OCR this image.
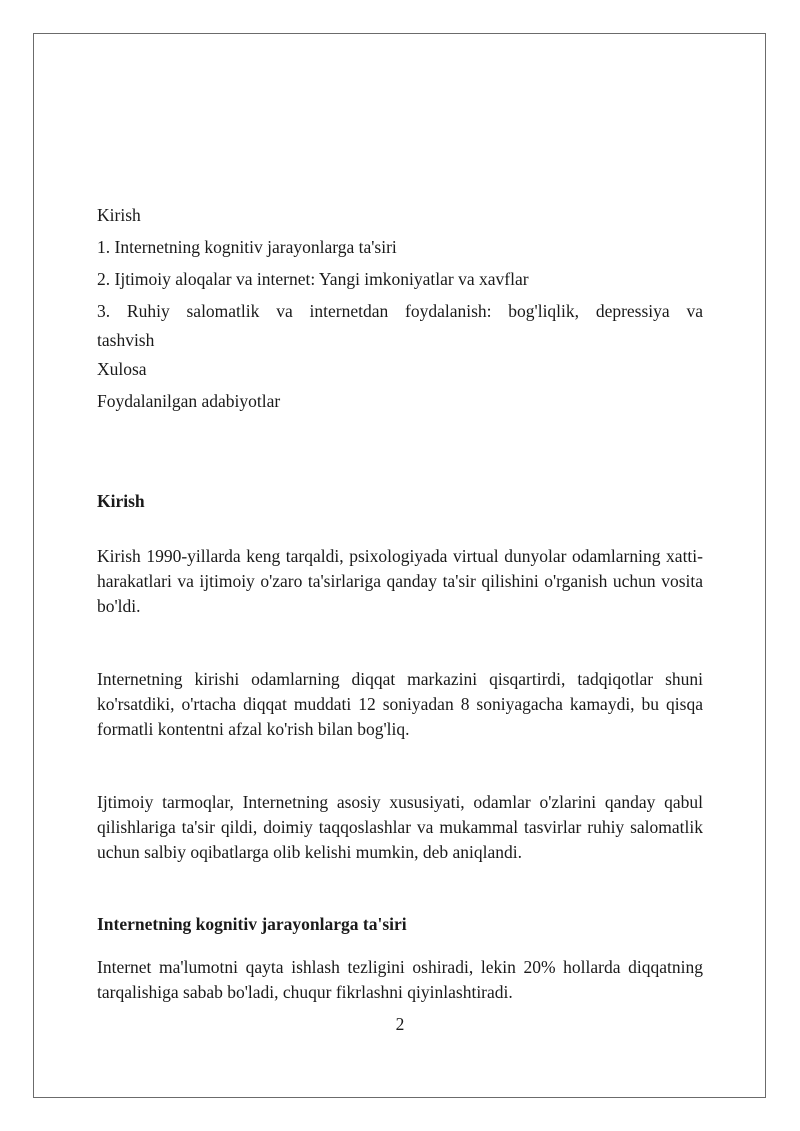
Kirish

1. Internetning kognitiv jarayonlarga ta'siri

2. Ijtimoiy aloqalar va internet: Yangi imkoniyatlar va xavflar

3. Ruhiy salomatlik va internetdan foydalanish: bog'liqlik, depressiya va

tashvish

Xulosa

Foydalanilgan adabiyotlar

Kirish

Kirish 1990-yillarda keng tarqaldi, psixologiyada virtual dunyolar odamlarning xatti-harakatlari va ijtimoiy o'zaro ta'sirlariga qanday ta'sir qilishini o'rganish uchun vosita bo'ldi.

Internetning kirishi odamlarning diqqat markazini qisqartirdi, tadqiqotlar shuni ko'rsatdiki, o'rtacha diqqat muddati 12 soniyadan 8 soniyagacha kamaydi, bu qisqa formatli kontentni afzal ko'rish bilan bog'liq.

Ijtimoiy tarmoqlar, Internetning asosiy xususiyati, odamlar o'zlarini qanday qabul qilishlariga ta'sir qildi, doimiy taqqoslashlar va mukammal tasvirlar ruhiy salomatlik uchun salbiy oqibatlarga olib kelishi mumkin, deb aniqlandi.

Internetning kognitiv jarayonlarga ta'siri

Internet ma'lumotni qayta ishlash tezligini oshiradi, lekin 20% hollarda diqqatning tarqalishiga sabab bo'ladi, chuqur fikrlashni qiyinlashtiradi.

2
